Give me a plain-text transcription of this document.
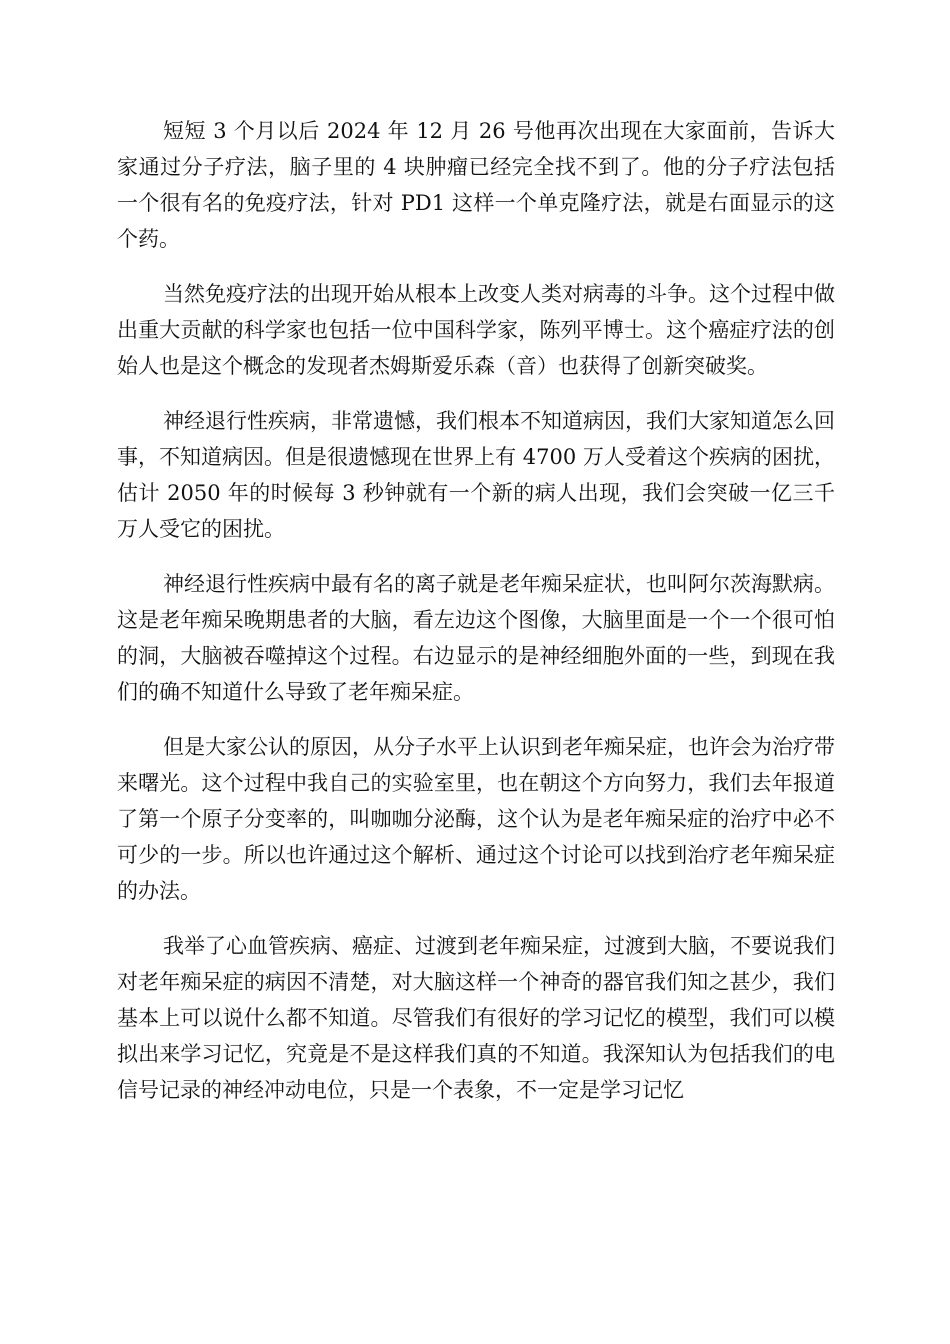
短短 3 个月以后 2024 年 12 月 26 号他再次出现在大家面前，告诉大家通过分子疗法，脑子里的 4 块肿瘤已经完全找不到了。他的分子疗法包括一个很有名的免疫疗法，针对 PD1 这样一个单克隆疗法，就是右面显示的这个药。

当然免疫疗法的出现开始从根本上改变人类对病毒的斗争。这个过程中做出重大贡献的科学家也包括一位中国科学家，陈列平博士。这个癌症疗法的创始人也是这个概念的发现者杰姆斯爱乐森（音）也获得了创新突破奖。

神经退行性疾病，非常遗憾，我们根本不知道病因，我们大家知道怎么回事，不知道病因。但是很遗憾现在世界上有 4700 万人受着这个疾病的困扰，估计 2050 年的时候每 3 秒钟就有一个新的病人出现，我们会突破一亿三千万人受它的困扰。

神经退行性疾病中最有名的离子就是老年痴呆症状，也叫阿尔茨海默病。这是老年痴呆晚期患者的大脑，看左边这个图像，大脑里面是一个一个很可怕的洞，大脑被吞噬掉这个过程。右边显示的是神经细胞外面的一些，到现在我们的确不知道什么导致了老年痴呆症。

但是大家公认的原因，从分子水平上认识到老年痴呆症，也许会为治疗带来曙光。这个过程中我自己的实验室里，也在朝这个方向努力，我们去年报道了第一个原子分变率的，叫咖咖分泌酶，这个认为是老年痴呆症的治疗中必不可少的一步。所以也许通过这个解析、通过这个讨论可以找到治疗老年痴呆症的办法。

我举了心血管疾病、癌症、过渡到老年痴呆症，过渡到大脑，不要说我们对老年痴呆症的病因不清楚，对大脑这样一个神奇的器官我们知之甚少，我们基本上可以说什么都不知道。尽管我们有很好的学习记忆的模型，我们可以模拟出来学习记忆，究竟是不是这样我们真的不知道。我深知认为包括我们的电信号记录的神经冲动电位，只是一个表象，不一定是学习记忆
